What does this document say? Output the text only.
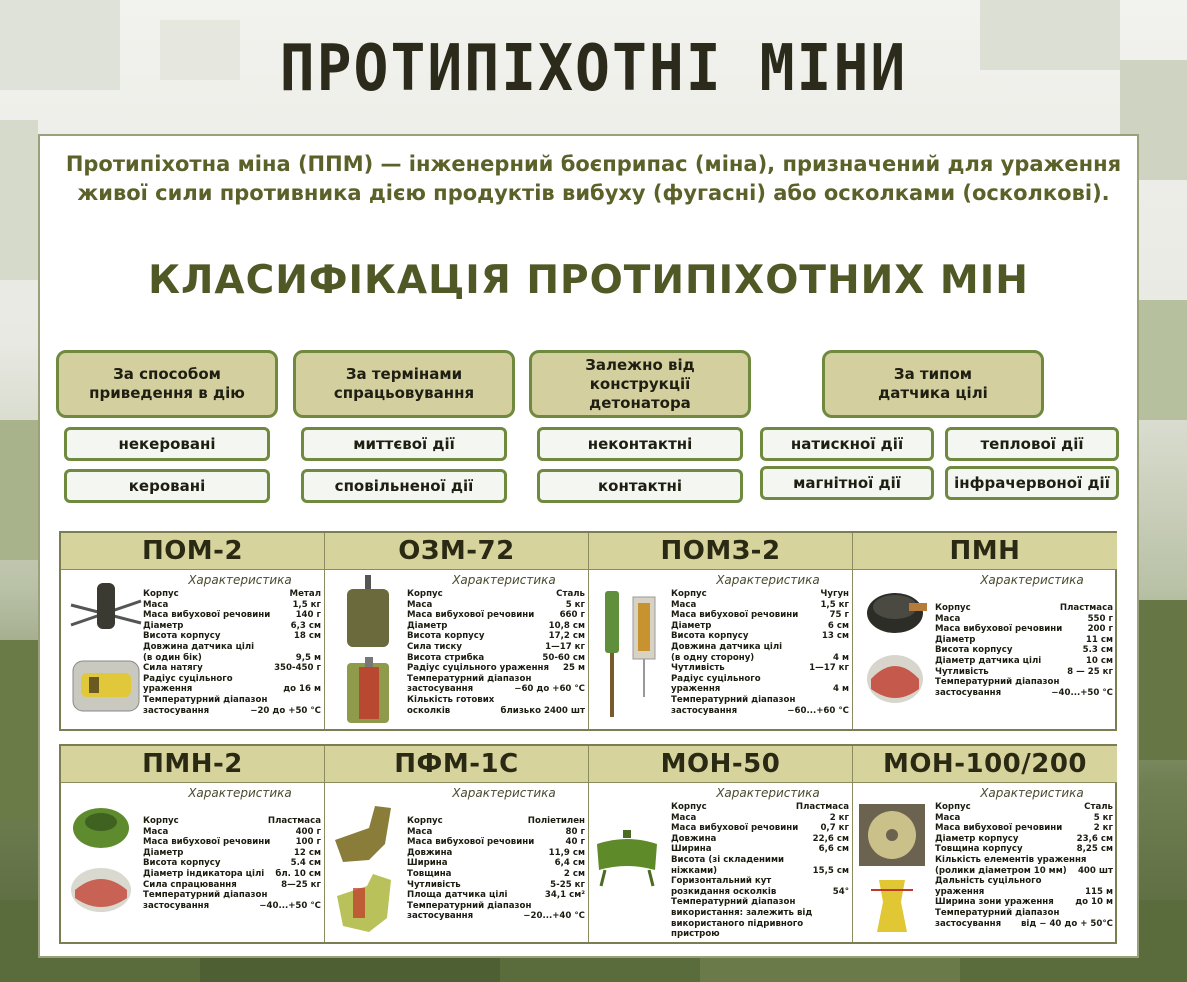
ПРОТИПІХОТНІ МІНИ
Протипіхотна міна (ППМ) — інженерний боєприпас (міна), призначений для ураження живої сили противника дією продуктів вибуху (фугасні) або осколками (осколкові).
КЛАСИФІКАЦІЯ ПРОТИПІХОТНИХ МІН
За способом приведення в дію
некеровані
керовані
За термінами спрацьовування
миттєвої дії
сповільненої дії
Залежно від конструкції детонатора
неконтактні
контактні
За типом датчика цілі
натискної дії	теплової дії
магнітної дії	інфрачервоної дії
ПОМ-2
Характеристика
Корпус	Метал
Маса	1,5 кг
Маса вибухової речовини	140 г
Діаметр	6,3 см
Висота корпусу	18 см
Довжина датчика цілі
(в один бік)	9,5 м
Сила натягу	350-450 г
Радіус суцільного
ураження	до 16 м
Температурний діапазон
застосування	−20 до +50 °C
ОЗМ-72
Характеристика
Корпус	Сталь
Маса	5 кг
Маса вибухової речовини	660 г
Діаметр	10,8 см
Висота корпусу	17,2 см
Сила тиску	1—17 кг
Висота стрибка	50-60 см
Радіус суцільного ураження	25 м
Температурний діапазон
застосування	−60 до +60 °C
Кількість готових
осколків	близько 2400 шт
ПОМЗ-2
Характеристика
Корпус	Чугун
Маса	1,5 кг
Маса вибухової речовини	75 г
Діаметр	6 см
Висота корпусу	13 см
Довжина датчика цілі
(в одну сторону)	4 м
Чутливість	1—17 кг
Радіус суцільного
ураження	4 м
Температурний діапазон
застосування	−60...+60 °C
ПМН
Характеристика
Корпус	Пластмаса
Маса	550 г
Маса вибухової речовини	200 г
Діаметр	11 см
Висота корпусу	5.3 см
Діаметр датчика цілі	10 см
Чутливість	8 — 25 кг
Температурний діапазон
застосування	−40...+50 °C
ПМН-2
Характеристика
Корпус	Пластмаса
Маса	400 г
Маса вибухової речовини	100 г
Діаметр	12 см
Висота корпусу	5.4 см
Діаметр індикатора цілі	бл. 10 см
Сила спрацювання	8—25 кг
Температурний діапазон
застосування	−40...+50 °C
ПФМ-1С
Характеристика
Корпус	Поліетилен
Маса	80 г
Маса вибухової речовини	40 г
Довжина	11,9 см
Ширина	6,4 см
Товщина	2 см
Чутливість	5-25 кг
Площа датчика цілі	34,1 см²
Температурний діапазон
застосування	−20...+40 °C
МОН-50
Характеристика
Корпус	Пластмаса
Маса	2 кг
Маса вибухової речовини	0,7 кг
Довжина	22,6 см
Ширина	6,6 см
Висота (зі складеними
ніжками)	15,5 см
Горизонтальний кут
розкидання осколків	54°
Температурний діапазон
використання: залежить від
використаного підривного пристрою
МОН-100/200
Характеристика
Корпус	Сталь
Маса	5 кг
Маса вибухової речовини	2 кг
Діаметр корпусу	23,6 см
Товщина корпусу	8,25 см
Кількість елементів ураження
(ролики діаметром 10 мм)	400 шт
Дальність суцільного
ураження	115 м
Ширина зони ураження	до 10 м
Температурний діапазон
застосування	від − 40 до + 50°C
